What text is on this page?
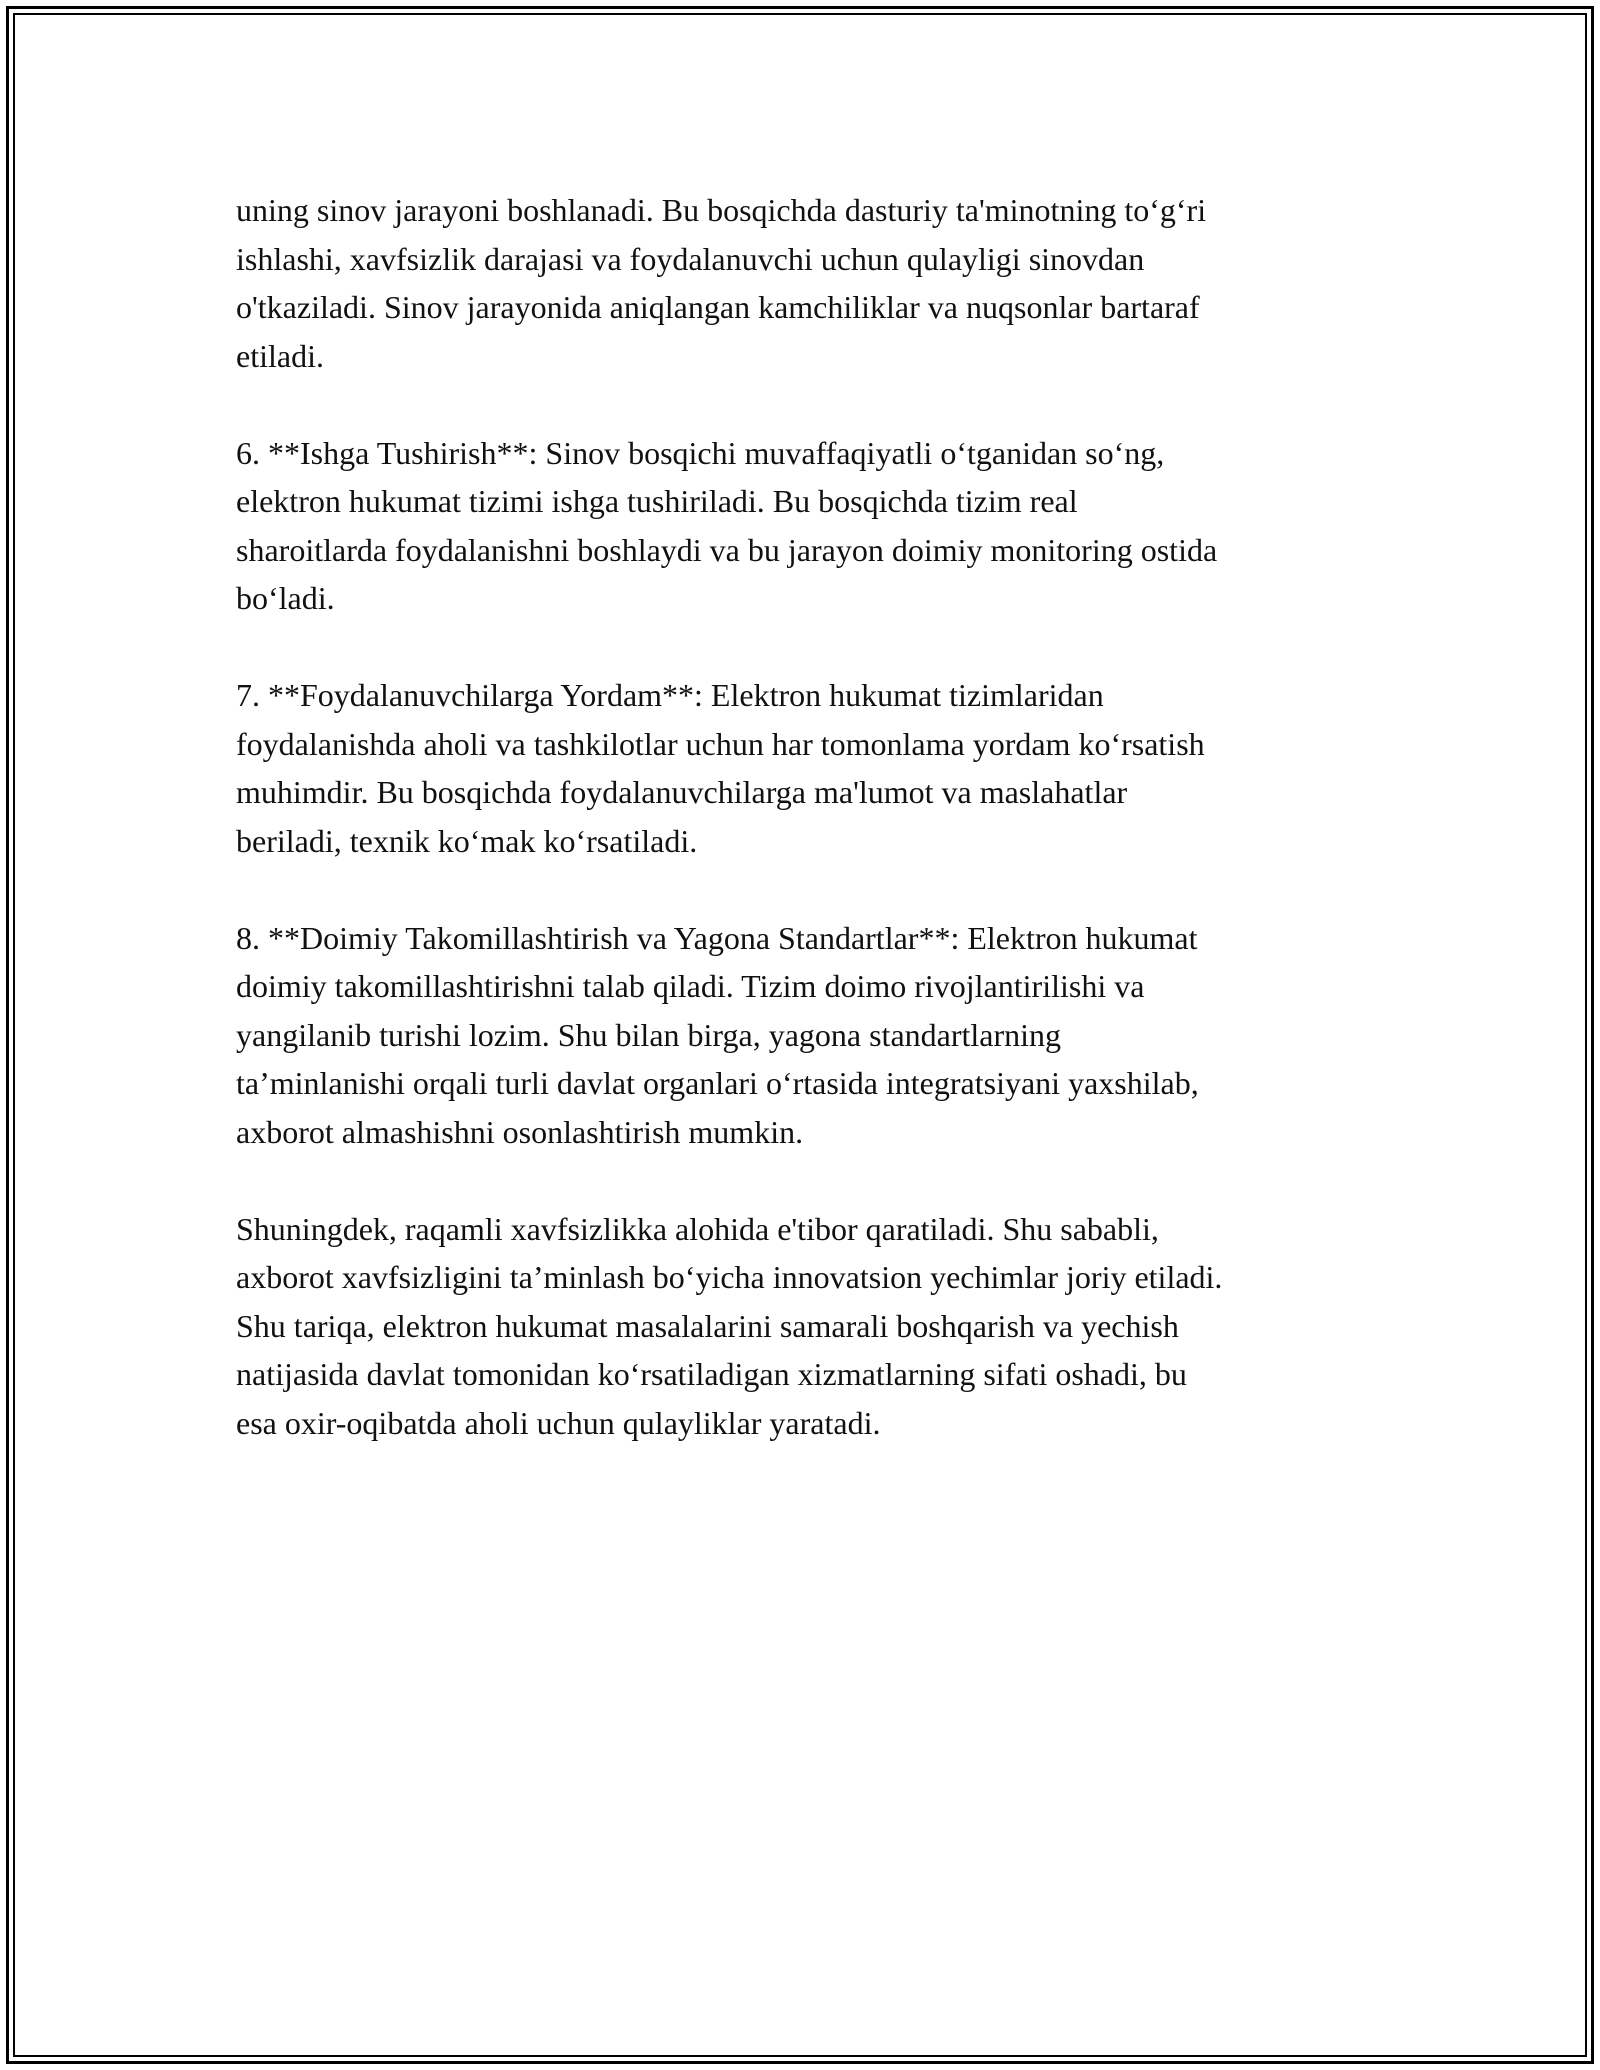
uning sinov jarayoni boshlanadi. Bu bosqichda dasturiy ta'minotning to‘g‘ri
ishlashi, xavfsizlik darajasi va foydalanuvchi uchun qulayligi sinovdan
o'tkaziladi. Sinov jarayonida aniqlangan kamchiliklar va nuqsonlar bartaraf
etiladi.

6. **Ishga Tushirish**: Sinov bosqichi muvaffaqiyatli o‘tganidan so‘ng,
elektron hukumat tizimi ishga tushiriladi. Bu bosqichda tizim real
sharoitlarda foydalanishni boshlaydi va bu jarayon doimiy monitoring ostida
bo‘ladi.

7. **Foydalanuvchilarga Yordam**: Elektron hukumat tizimlaridan
foydalanishda aholi va tashkilotlar uchun har tomonlama yordam ko‘rsatish
muhimdir. Bu bosqichda foydalanuvchilarga ma'lumot va maslahatlar
beriladi, texnik ko‘mak ko‘rsatiladi.

8. **Doimiy Takomillashtirish va Yagona Standartlar**: Elektron hukumat
doimiy takomillashtirishni talab qiladi. Tizim doimo rivojlantirilishi va
yangilanib turishi lozim. Shu bilan birga, yagona standartlarning
ta’minlanishi orqali turli davlat organlari o‘rtasida integratsiyani yaxshilab,
axborot almashishni osonlashtirish mumkin.

Shuningdek, raqamli xavfsizlikka alohida e'tibor qaratiladi. Shu sababli,
axborot xavfsizligini ta’minlash bo‘yicha innovatsion yechimlar joriy etiladi.
Shu tariqa, elektron hukumat masalalarini samarali boshqarish va yechish
natijasida davlat tomonidan ko‘rsatiladigan xizmatlarning sifati oshadi, bu
esa oxir-oqibatda aholi uchun qulayliklar yaratadi.
